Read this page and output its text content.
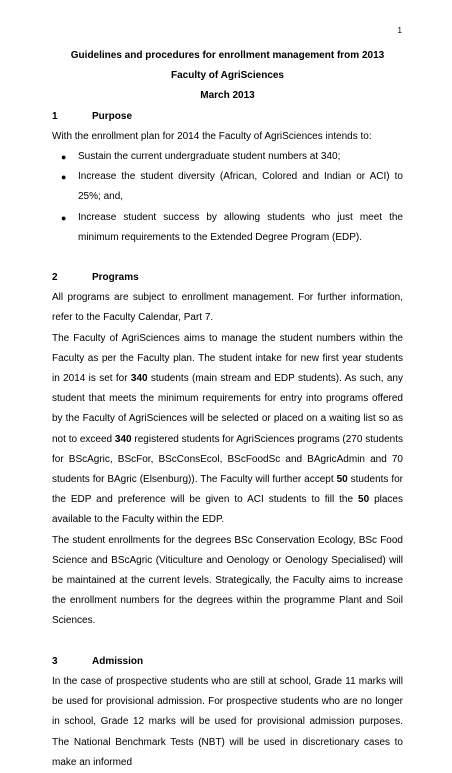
1
Guidelines and procedures for enrollment management from 2013
Faculty of AgriSciences
March 2013
1	Purpose

With the enrollment plan for 2014 the Faculty of AgriSciences intends to:

● Sustain the current undergraduate student numbers at 340;
● Increase the student diversity (African, Colored and Indian or ACI) to 25%; and,
● Increase student success by allowing students who just meet the minimum requirements to the Extended Degree Program (EDP).
2	Programs

All programs are subject to enrollment management. For further information, refer to the Faculty Calendar, Part 7.

The Faculty of AgriSciences aims to manage the student numbers within the Faculty as per the Faculty plan. The student intake for new first year students in 2014 is set for 340 students (main stream and EDP students). As such, any student that meets the minimum requirements for entry into programs offered by the Faculty of AgriSciences will be selected or placed on a waiting list so as not to exceed 340 registered students for AgriSciences programs (270 students for BScAgric, BScFor, BScConsEcol, BScFoodSc and BAgricAdmin and 70 students for BAgric (Elsenburg)). The Faculty will further accept 50 students for the EDP and preference will be given to ACI students to fill the 50 places available to the Faculty within the EDP.

The student enrollments for the degrees BSc Conservation Ecology, BSc Food Science and BScAgric (Viticulture and Oenology or Oenology Specialised) will be maintained at the current levels. Strategically, the Faculty aims to increase the enrollment numbers for the degrees within the programme Plant and Soil Sciences.

3	Admission

In the case of prospective students who are still at school, Grade 11 marks will be used for provisional admission. For prospective students who are no longer in school, Grade 12 marks will be used for provisional admission purposes. The National Benchmark Tests (NBT) will be used in discretionary cases to make an informed
